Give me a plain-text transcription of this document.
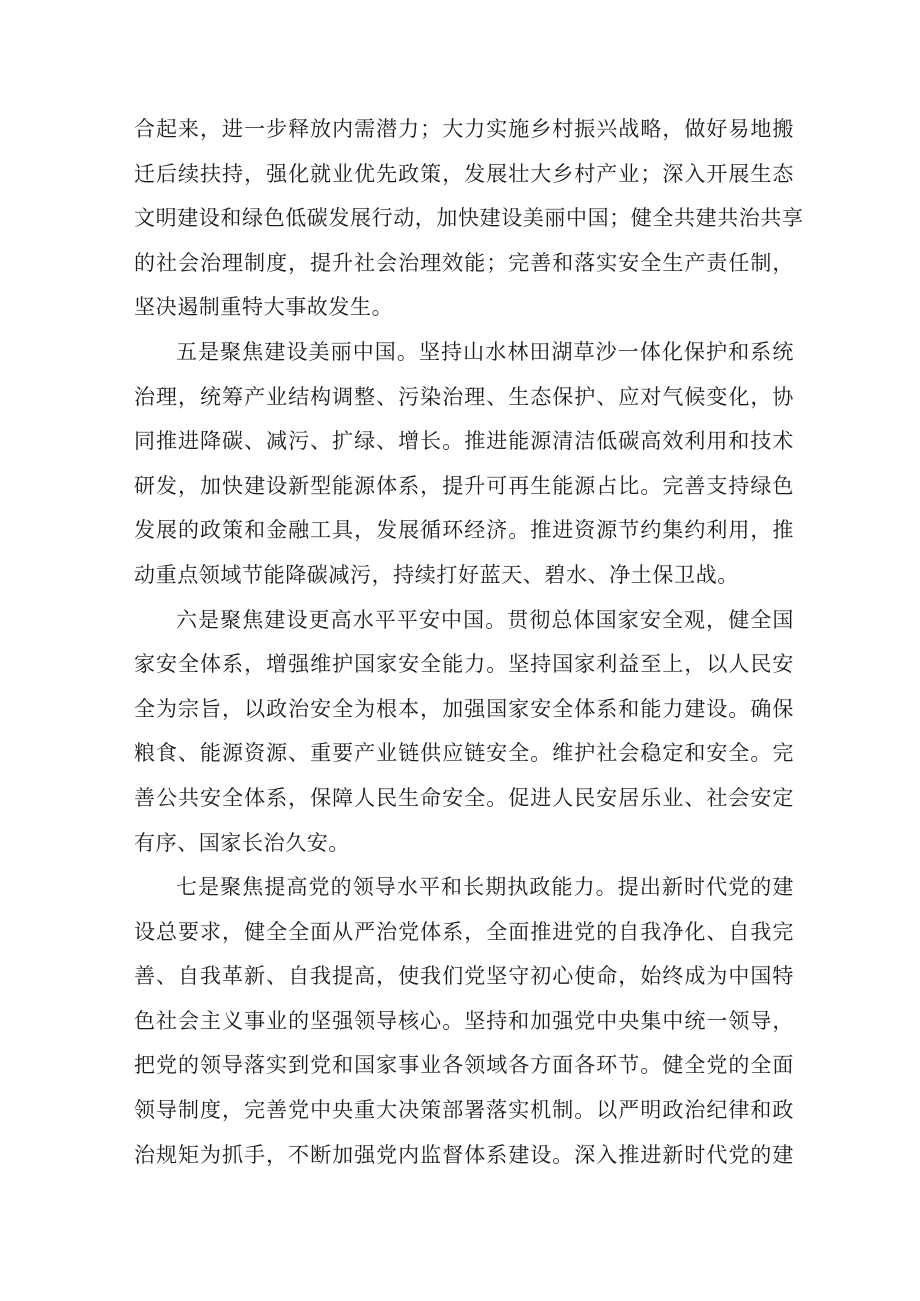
合起来，进一步释放内需潜力；大力实施乡村振兴战略，做好易地搬
迁后续扶持，强化就业优先政策，发展壮大乡村产业；深入开展生态
文明建设和绿色低碳发展行动，加快建设美丽中国；健全共建共治共享
的社会治理制度，提升社会治理效能；完善和落实安全生产责任制，
坚决遏制重特大事故发生。

五是聚焦建设美丽中国。坚持山水林田湖草沙一体化保护和系统
治理，统筹产业结构调整、污染治理、生态保护、应对气候变化，协
同推进降碳、减污、扩绿、增长。推进能源清洁低碳高效利用和技术
研发，加快建设新型能源体系，提升可再生能源占比。完善支持绿色
发展的政策和金融工具，发展循环经济。推进资源节约集约利用，推
动重点领域节能降碳减污，持续打好蓝天、碧水、净土保卫战。

六是聚焦建设更高水平平安中国。贯彻总体国家安全观，健全国
家安全体系，增强维护国家安全能力。坚持国家利益至上，以人民安
全为宗旨，以政治安全为根本，加强国家安全体系和能力建设。确保
粮食、能源资源、重要产业链供应链安全。维护社会稳定和安全。完
善公共安全体系，保障人民生命安全。促进人民安居乐业、社会安定
有序、国家长治久安。

七是聚焦提高党的领导水平和长期执政能力。提出新时代党的建
设总要求，健全全面从严治党体系，全面推进党的自我净化、自我完
善、自我革新、自我提高，使我们党坚守初心使命，始终成为中国特
色社会主义事业的坚强领导核心。坚持和加强党中央集中统一领导，
把党的领导落实到党和国家事业各领域各方面各环节。健全党的全面
领导制度，完善党中央重大决策部署落实机制。以严明政治纪律和政
治规矩为抓手，不断加强党内监督体系建设。深入推进新时代党的建
